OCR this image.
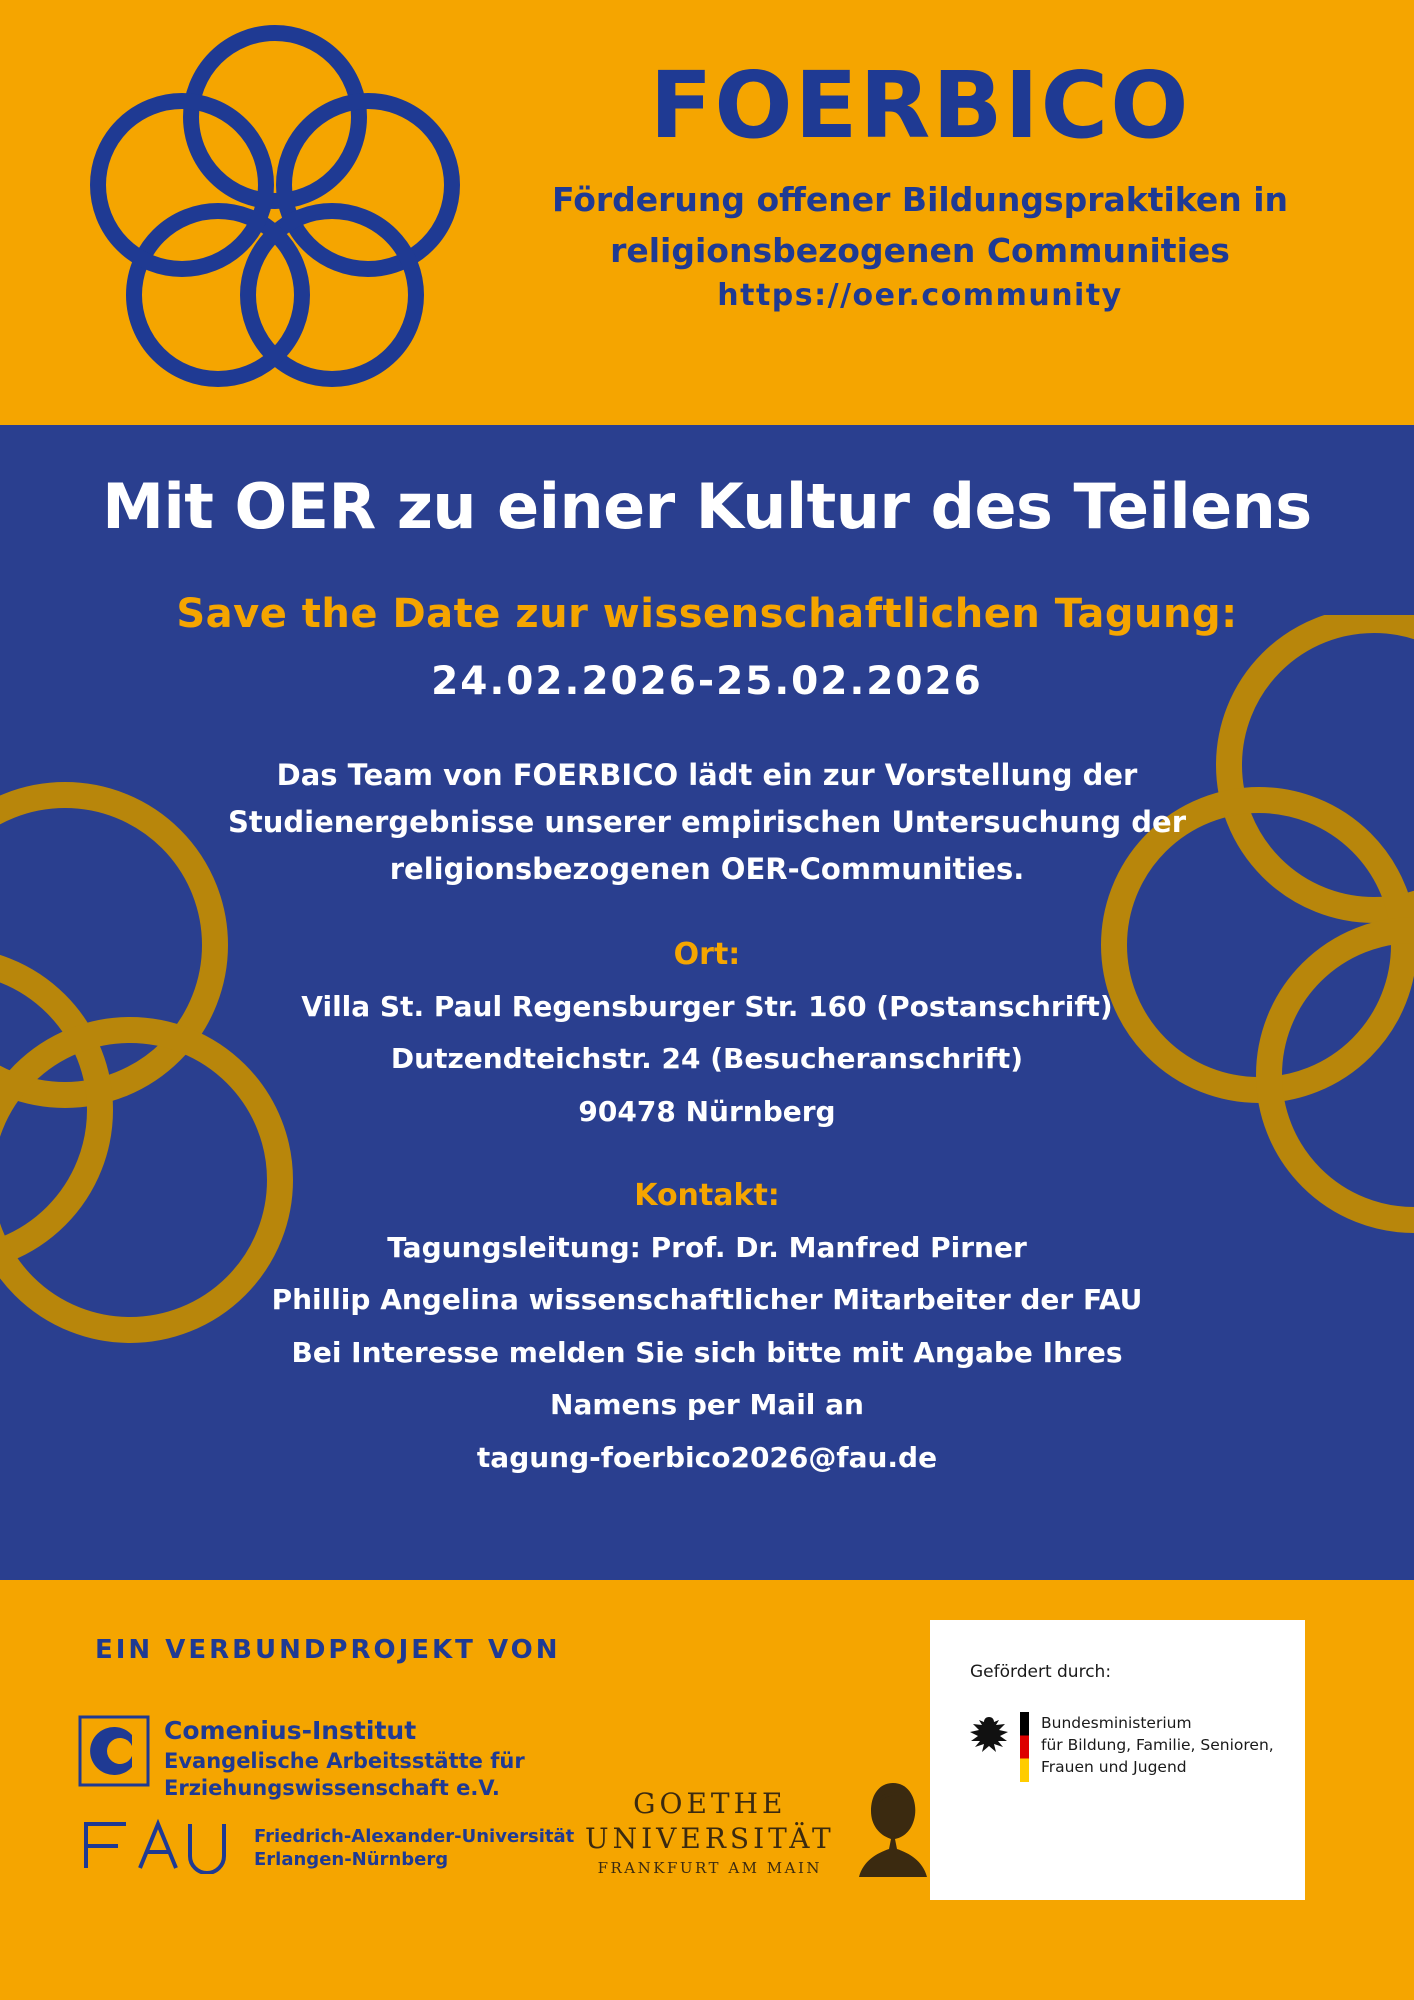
FOERBICO
Förderung offener Bildungspraktiken in
religionsbezogenen Communities
https://oer.community
Mit OER zu einer Kultur des Teilens
Save the Date zur wissenschaftlichen Tagung:
24.02.2026-25.02.2026
Das Team von FOERBICO lädt ein zur Vorstellung der
Studienergebnisse unserer empirischen Untersuchung der
religionsbezogenen OER-Communities.
Ort:
Villa St. Paul Regensburger Str. 160 (Postanschrift)
Dutzendteichstr. 24 (Besucheranschrift)
90478 Nürnberg
Kontakt:
Tagungsleitung: Prof. Dr. Manfred Pirner
Phillip Angelina wissenschaftlicher Mitarbeiter der FAU
Bei Interesse melden Sie sich bitte mit Angabe Ihres
Namens per Mail an
tagung-foerbico2026@fau.de
EIN VERBUNDPROJEKT VON
Comenius-Institut
Evangelische Arbeitsstätte für
Erziehungswissenschaft e.V.
Friedrich-Alexander-Universität
Erlangen-Nürnberg
GOETHE
UNIVERSITÄT
FRANKFURT AM MAIN
Gefördert durch:
Bundesministerium
für Bildung, Familie, Senioren,
Frauen und Jugend
